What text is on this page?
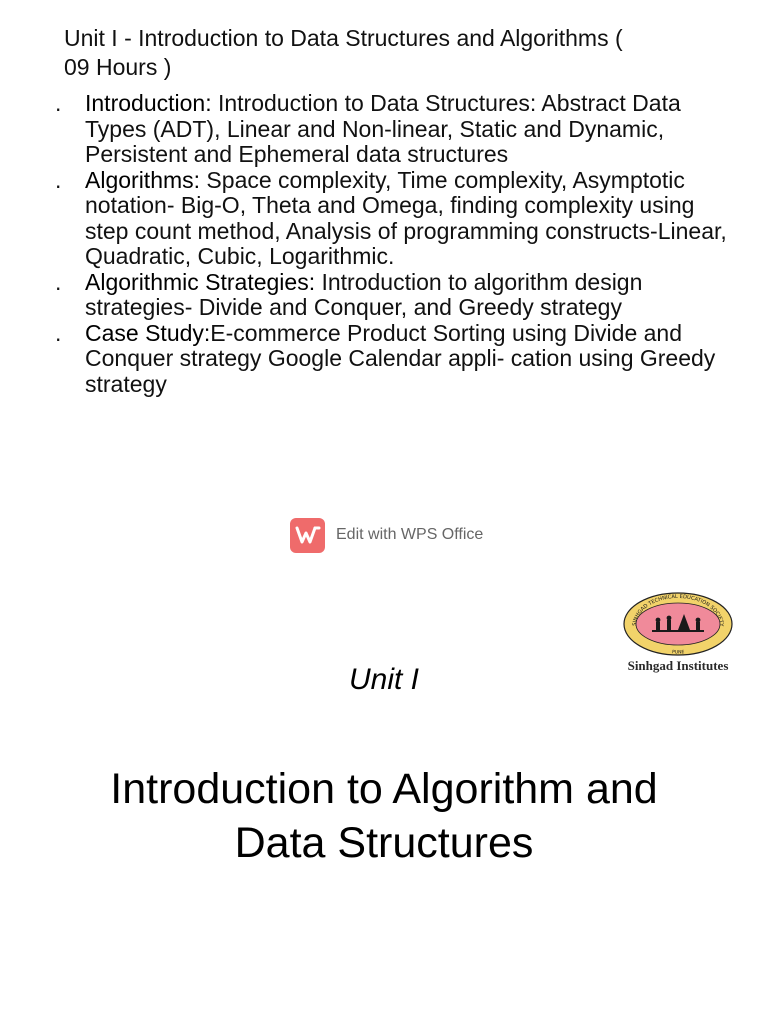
Unit I - Introduction to Data Structures and Algorithms (
09 Hours )
.	Introduction: Introduction to Data Structures: Abstract Data Types (ADT), Linear and Non-linear, Static and Dynamic, Persistent and Ephemeral data structures
.	Algorithms: Space complexity, Time complexity, Asymptotic notation- Big-O, Theta and Omega, finding complexity using step count method, Analysis of programming constructs-Linear, Quadratic, Cubic, Logarithmic.
.	Algorithmic Strategies: Introduction to algorithm design strategies- Divide and Conquer, and Greedy strategy
.	Case Study:E-commerce Product Sorting using Divide and Conquer strategy Google Calendar appli- cation using Greedy strategy
Edit with WPS Office
SINHGAD TECHNICAL EDUCATION SOCIETY
PUNE
Sinhgad Institutes
Unit I
Introduction to Algorithm and
Data Structures
